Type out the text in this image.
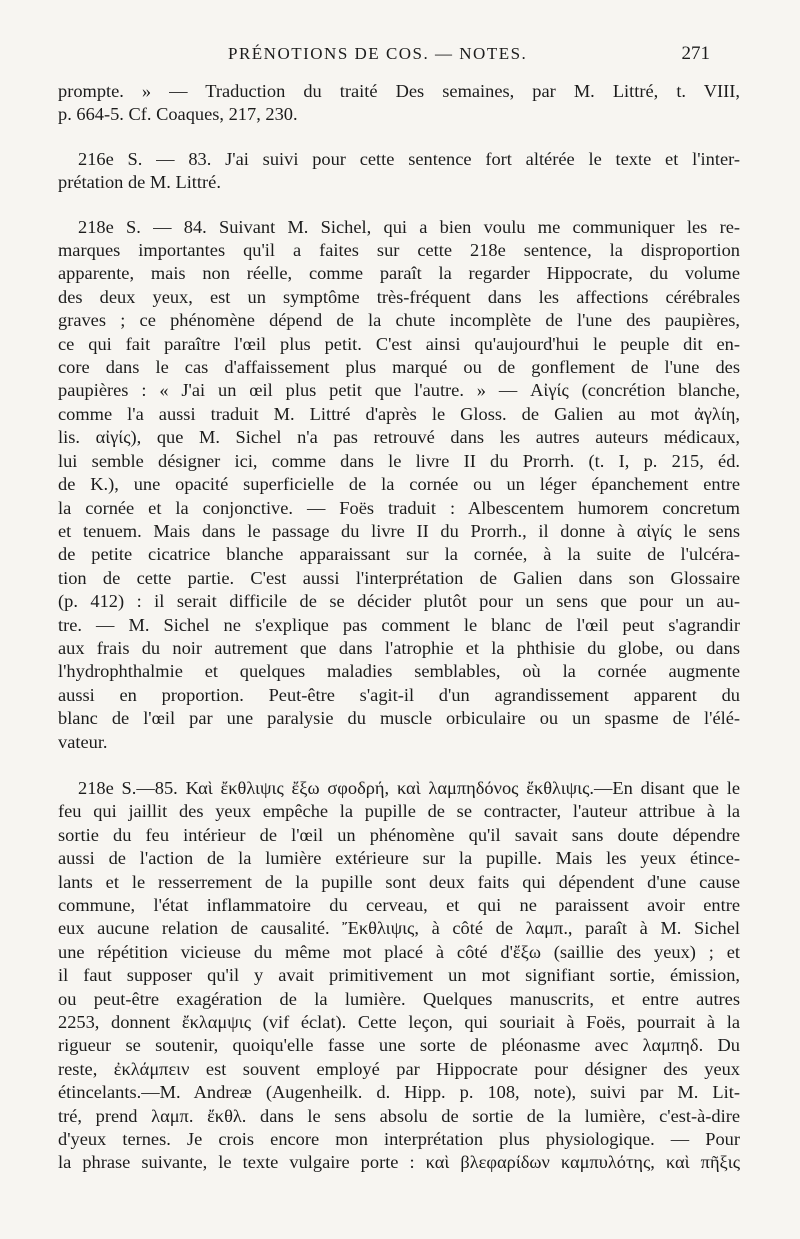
PRÉNOTIONS DE COS. — NOTES.	271

prompte. » — Traduction du traité Des semaines, par M. Littré, t. VIII,
p. 664-5. Cf. Coaques, 217, 230.

216e S. — 83. J'ai suivi pour cette sentence fort altérée le texte et l'inter-
prétation de M. Littré.

218e S. — 84. Suivant M. Sichel, qui a bien voulu me communiquer les re-
marques importantes qu'il a faites sur cette 218e sentence, la disproportion
apparente, mais non réelle, comme paraît la regarder Hippocrate, du volume
des deux yeux, est un symptôme très-fréquent dans les affections cérébrales
graves ; ce phénomène dépend de la chute incomplète de l'une des paupières,
ce qui fait paraître l'œil plus petit. C'est ainsi qu'aujourd'hui le peuple dit en-
core dans le cas d'affaissement plus marqué ou de gonflement de l'une des
paupières : « J'ai un œil plus petit que l'autre. » — Αἰγίς (concrétion blanche,
comme l'a aussi traduit M. Littré d'après le Gloss. de Galien au mot ἀγλίη,
lis. αἰγίς), que M. Sichel n'a pas retrouvé dans les autres auteurs médicaux,
lui semble désigner ici, comme dans le livre II du Prorrh. (t. I, p. 215, éd.
de K.), une opacité superficielle de la cornée ou un léger épanchement entre
la cornée et la conjonctive. — Foës traduit : Albescentem humorem concretum
et tenuem. Mais dans le passage du livre II du Prorrh., il donne à αἰγίς le sens
de petite cicatrice blanche apparaissant sur la cornée, à la suite de l'ulcéra-
tion de cette partie. C'est aussi l'interprétation de Galien dans son Glossaire
(p. 412) : il serait difficile de se décider plutôt pour un sens que pour un au-
tre. — M. Sichel ne s'explique pas comment le blanc de l'œil peut s'agrandir
aux frais du noir autrement que dans l'atrophie et la phthisie du globe, ou dans
l'hydrophthalmie et quelques maladies semblables, où la cornée augmente
aussi en proportion. Peut-être s'agit-il d'un agrandissement apparent du
blanc de l'œil par une paralysie du muscle orbiculaire ou un spasme de l'élé-
vateur.

218e S.—85. Καὶ ἔκθλιψις ἔξω σφοδρή, καὶ λαμπηδόνος ἔκθλιψις.—En disant que le
feu qui jaillit des yeux empêche la pupille de se contracter, l'auteur attribue à la
sortie du feu intérieur de l'œil un phénomène qu'il savait sans doute dépendre
aussi de l'action de la lumière extérieure sur la pupille. Mais les yeux étince-
lants et le resserrement de la pupille sont deux faits qui dépendent d'une cause
commune, l'état inflammatoire du cerveau, et qui ne paraissent avoir entre
eux aucune relation de causalité. Ἔκθλιψις, à côté de λαμπ., paraît à M. Sichel
une répétition vicieuse du même mot placé à côté d'ἔξω (saillie des yeux) ; et
il faut supposer qu'il y avait primitivement un mot signifiant sortie, émission,
ou peut-être exagération de la lumière. Quelques manuscrits, et entre autres
2253, donnent ἔκλαμψις (vif éclat). Cette leçon, qui souriait à Foës, pourrait à la
rigueur se soutenir, quoiqu'elle fasse une sorte de pléonasme avec λαμπηδ. Du
reste, ἐκλάμπειν est souvent employé par Hippocrate pour désigner des yeux
étincelants.—M. Andreæ (Augenheilk. d. Hipp. p. 108, note), suivi par M. Lit-
tré, prend λαμπ. ἔκθλ. dans le sens absolu de sortie de la lumière, c'est-à-dire
d'yeux ternes. Je crois encore mon interprétation plus physiologique. — Pour
la phrase suivante, le texte vulgaire porte : καὶ βλεφαρίδων καμπυλότης, καὶ πῆξις
